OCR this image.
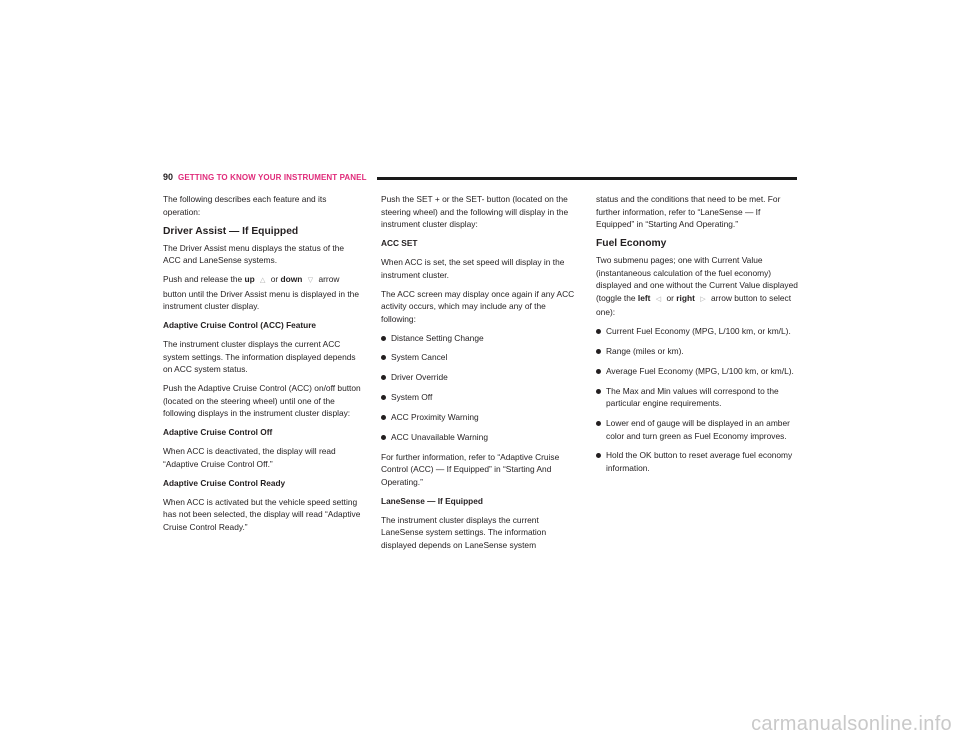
90 GETTING TO KNOW YOUR INSTRUMENT PANEL

The following describes each feature and its operation:

Driver Assist — If Equipped

The Driver Assist menu displays the status of the ACC and LaneSense systems.

Push and release the up △ or down ▽ arrow button until the Driver Assist menu is displayed in the instrument cluster display.

Adaptive Cruise Control (ACC) Feature

The instrument cluster displays the current ACC system settings. The information displayed depends on ACC system status.

Push the Adaptive Cruise Control (ACC) on/off button (located on the steering wheel) until one of the following displays in the instrument cluster display:

Adaptive Cruise Control Off

When ACC is deactivated, the display will read “Adaptive Cruise Control Off.”

Adaptive Cruise Control Ready

When ACC is activated but the vehicle speed setting has not been selected, the display will read “Adaptive Cruise Control Ready.”

Push the SET + or the SET- button (located on the steering wheel) and the following will display in the instrument cluster display:

ACC SET

When ACC is set, the set speed will display in the instrument cluster.

The ACC screen may display once again if any ACC activity occurs, which may include any of the following:

Distance Setting Change
System Cancel
Driver Override
System Off
ACC Proximity Warning
ACC Unavailable Warning

For further information, refer to “Adaptive Cruise Control (ACC) — If Equipped” in “Starting And Operating.”

LaneSense — If Equipped

The instrument cluster displays the current LaneSense system settings. The information displayed depends on LaneSense system

status and the conditions that need to be met. For further information, refer to “LaneSense — If Equipped” in “Starting And Operating.”

Fuel Economy

Two submenu pages; one with Current Value (instantaneous calculation of the fuel economy) displayed and one without the Current Value displayed (toggle the left ◁ or right ▷ arrow button to select one):

Current Fuel Economy (MPG, L/100 km, or km/L).
Range (miles or km).
Average Fuel Economy (MPG, L/100 km, or km/L).
The Max and Min values will correspond to the particular engine requirements.
Lower end of gauge will be displayed in an amber color and turn green as Fuel Economy improves.
Hold the OK button to reset average fuel economy information.
carmanualsonline.info
